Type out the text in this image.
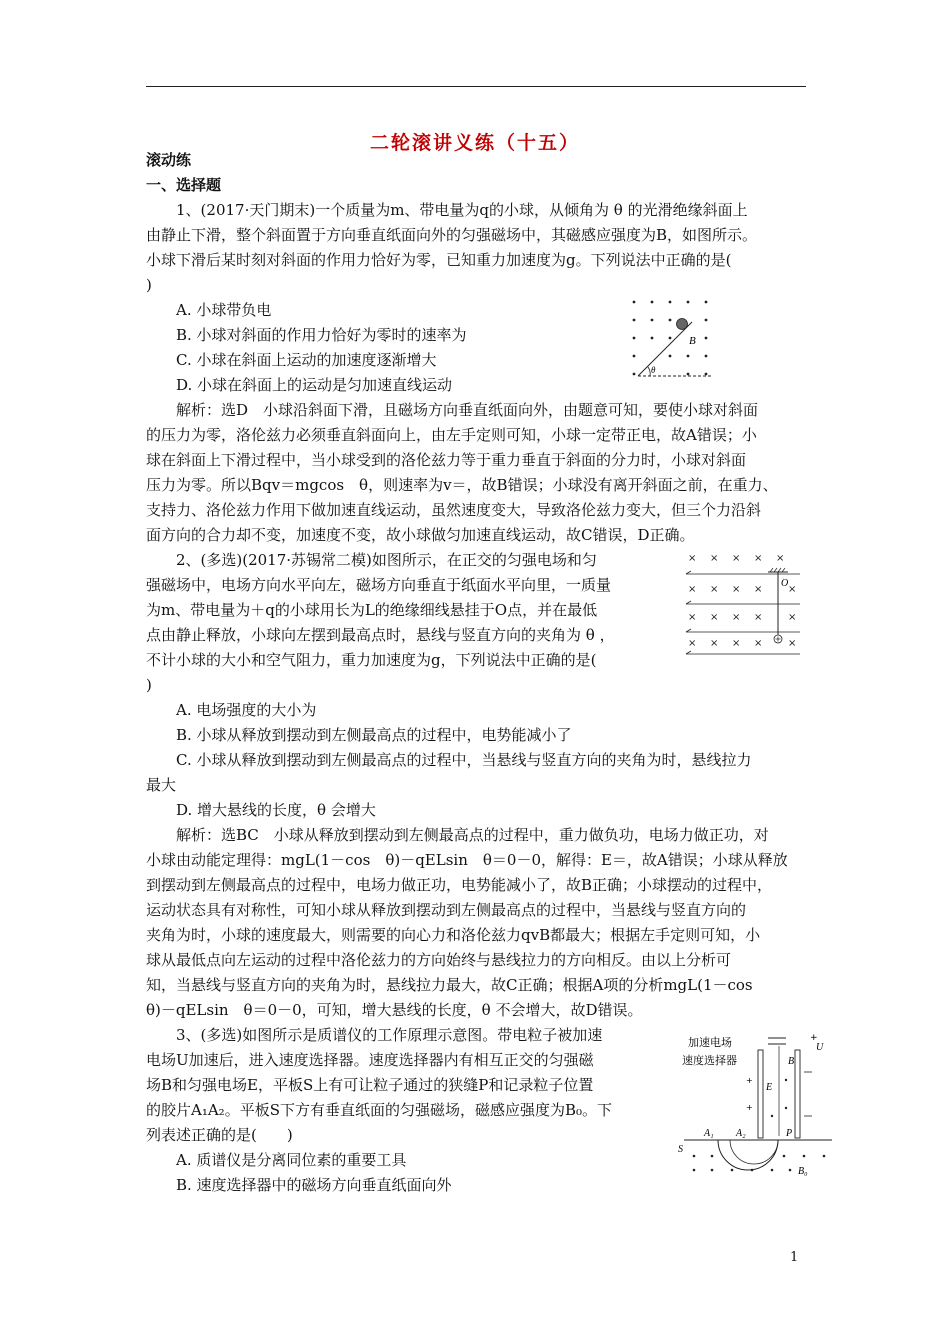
二轮滚讲义练（十五）
滚动练
一、选择题
1、(2017·天门期末)一个质量为m、带电量为q的小球，从倾角为 θ 的光滑绝缘斜面上
由静止下滑，整个斜面置于方向垂直纸面向外的匀强磁场中，其磁感应强度为B，如图所示。
小球下滑后某时刻对斜面的作用力恰好为零，已知重力加速度为g。下列说法中正确的是(
)
A. 小球带负电
B. 小球对斜面的作用力恰好为零时的速率为
C. 小球在斜面上运动的加速度逐渐增大
D. 小球在斜面上的运动是匀加速直线运动
解析：选D　小球沿斜面下滑，且磁场方向垂直纸面向外，由题意可知，要使小球对斜面
的压力为零，洛伦兹力必须垂直斜面向上，由左手定则可知，小球一定带正电，故A错误；小
球在斜面上下滑过程中，当小球受到的洛伦兹力等于重力垂直于斜面的分力时，小球对斜面
压力为零。所以Bqv＝mgcos　θ，则速率为v＝，故B错误；小球没有离开斜面之前，在重力、
支持力、洛伦兹力作用下做加速直线运动，虽然速度变大，导致洛伦兹力变大，但三个力沿斜
面方向的合力却不变，加速度不变，故小球做匀加速直线运动，故C错误，D正确。
2、(多选)(2017·苏锡常二模)如图所示，在正交的匀强电场和匀
强磁场中，电场方向水平向左，磁场方向垂直于纸面水平向里，一质量
为m、带电量为＋q的小球用长为L的绝缘细线悬挂于O点，并在最低
点由静止释放，小球向左摆到最高点时，悬线与竖直方向的夹角为 θ ，
不计小球的大小和空气阻力，重力加速度为g，下列说法中正确的是(
)
A. 电场强度的大小为
B. 小球从释放到摆动到左侧最高点的过程中，电势能减小了
C. 小球从释放到摆动到左侧最高点的过程中，当悬线与竖直方向的夹角为时，悬线拉力
最大
D. 增大悬线的长度，θ 会增大
解析：选BC　小球从释放到摆动到左侧最高点的过程中，重力做负功，电场力做正功，对
小球由动能定理得：mgL(1－cos　θ)－qELsin　θ＝0－0，解得：E＝，故A错误；小球从释放
到摆动到左侧最高点的过程中，电场力做正功，电势能减小了，故B正确；小球摆动的过程中，
运动状态具有对称性，可知小球从释放到摆动到左侧最高点的过程中，当悬线与竖直方向的
夹角为时，小球的速度最大，则需要的向心力和洛伦兹力qvB都最大；根据左手定则可知，小
球从最低点向左运动的过程中洛伦兹力的方向始终与悬线拉力的方向相反。由以上分析可
知，当悬线与竖直方向的夹角为时，悬线拉力最大，故C正确；根据A项的分析mgL(1－cos
θ)－qELsin　θ＝0－0，可知，增大悬线的长度，θ 不会增大，故D错误。
3、(多选)如图所示是质谱仪的工作原理示意图。带电粒子被加速
电场U加速后，进入速度选择器。速度选择器内有相互正交的匀强磁
场B和匀强电场E，平板S上有可让粒子通过的狭缝P和记录粒子位置
的胶片A₁A₂。平板S下方有垂直纸面的匀强磁场，磁感应强度为B₀。下
列表述正确的是(　　)
A. 质谱仪是分离同位素的重要工具
B. 速度选择器中的磁场方向垂直纸面向外
B
θ
× × × × ×
× × × ×	×
× × × ×	×
× × × ×	×
O
加速电场
速度选择器
+
U
B
E
+
+
A₁ A₂	P
S
B₀
1
